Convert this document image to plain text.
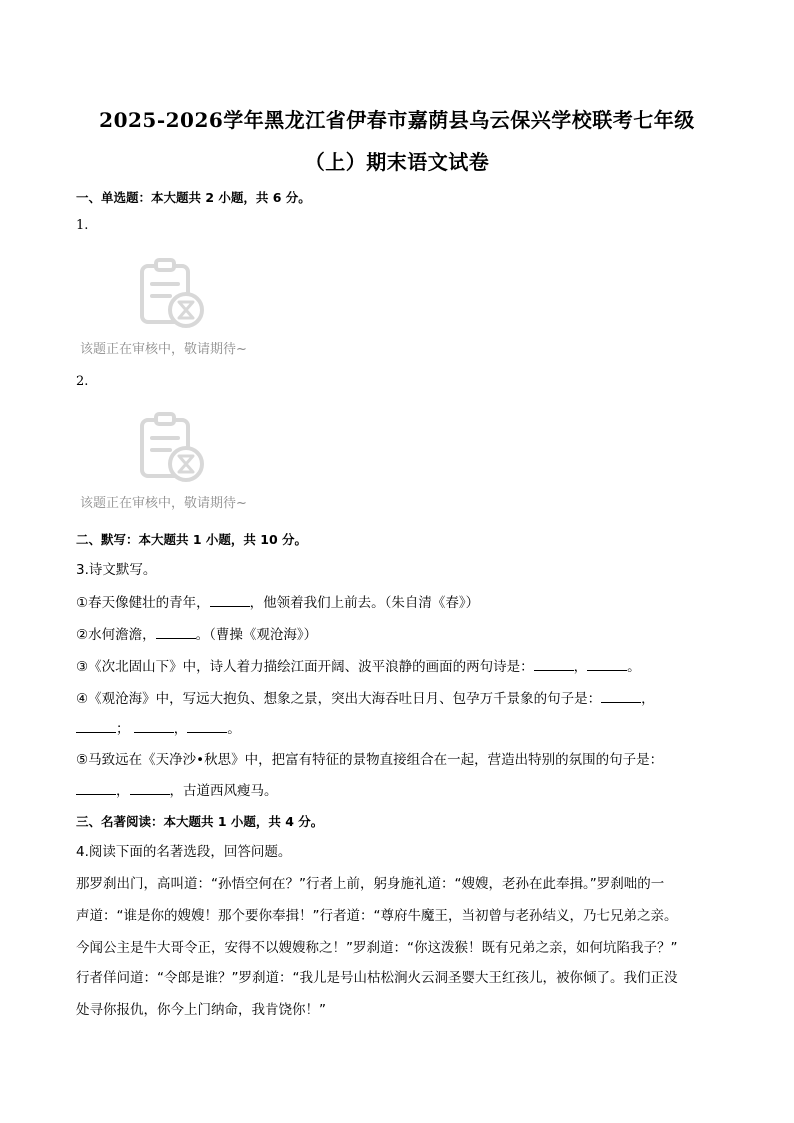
2025-2026学年黑龙江省伊春市嘉荫县乌云保兴学校联考七年级
（上）期末语文试卷
一、单选题：本大题共 2 小题，共 6 分。
1.
该题正在审核中，敬请期待~
2.
该题正在审核中，敬请期待~
二、默写：本大题共 1 小题，共 10 分。
3.诗文默写。
①春天像健壮的青年，	，他领着我们上前去。（朱自清《春》）
②水何澹澹，	。（曹操《观沧海》）
③《次北固山下》中，诗人着力描绘江面开阔、波平浪静的画面的两句诗是：	，	。
④《观沧海》中，写远大抱负、想象之景，突出大海吞吐日月、包孕万千景象的句子是：	，
；	，	。
⑤马致远在《天净沙•秋思》中，把富有特征的景物直接组合在一起，营造出特别的氛围的句子是：
，	，古道西风瘦马。
三、名著阅读：本大题共 1 小题，共 4 分。
4.阅读下面的名著选段，回答问题。
那罗刹出门，高叫道：“孙悟空何在？”行者上前，躬身施礼道：“嫂嫂，老孙在此奉揖。”罗刹咄的一
声道：“谁是你的嫂嫂！那个要你奉揖！”行者道：“尊府牛魔王，当初曾与老孙结义，乃七兄弟之亲。
今闻公主是牛大哥令正，安得不以嫂嫂称之！”罗刹道：“你这泼猴！既有兄弟之亲，如何坑陷我子？”
行者佯问道：“令郎是谁？”罗刹道：“我儿是号山枯松涧火云洞圣婴大王红孩儿，被你倾了。我们正没
处寻你报仇，你今上门纳命，我肯饶你！”
